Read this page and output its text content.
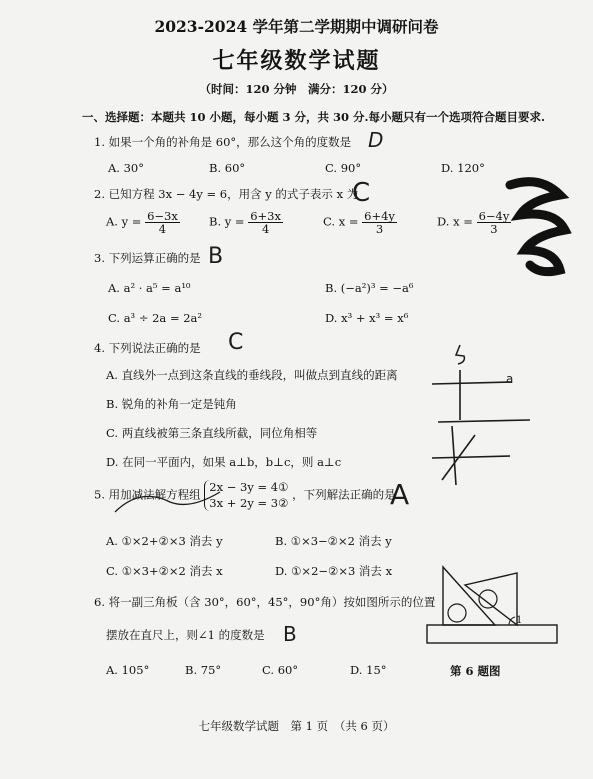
2023-2024 学年第二学期期中调研问卷
七年级数学试题
（时间：120 分钟　满分：120 分）
一、选择题：本题共 10 小题，每小题 3 分，共 30 分.每小题只有一个选项符合题目要求.
1. 如果一个角的补角是 60°，那么这个角的度数是 D
A. 30°	B. 60°	C. 90°	D. 120°
2. 已知方程 3x − 4y = 6，用含 y 的式子表示 x 为
C
A. $y = \frac{6-3x}{4}$	B. $y = \frac{6+3x}{4}$	C. $x = \frac{6+4y}{3}$	D. $x = \frac{6-4y}{3}$
3. 下列运算正确的是 B
A. a² · a⁵ = a¹⁰	B. (−a²)³ = −a⁶
C. a³ ÷ 2a = 2a²	D. x³ + x³ = x⁶
4. 下列说法正确的是 C
A. 直线外一点到这条直线的垂线段，叫做点到直线的距离
B. 锐角的补角一定是钝角
C. 两直线被第三条直线所截，同位角相等
D. 在同一平面内，如果 a⊥b，b⊥c，则 a⊥c
5. 用加减法解方程组
2x − 3y = 4①
3x + 2y = 3②
，下列解法正确的是
A
A. ①×2+②×3 消去 y	B. ①×3−②×2 消去 y
C. ①×3+②×2 消去 x	D. ①×2−②×3 消去 x
6. 将一副三角板（含 30°，60°，45°，90°角）按如图所示的位置
摆放在直尺上，则∠1 的度数是 B
A. 105°	B. 75°	C. 60°	D. 15°
1
第 6 题图
a
七年级数学试题　第 1 页　（共 6 页）
